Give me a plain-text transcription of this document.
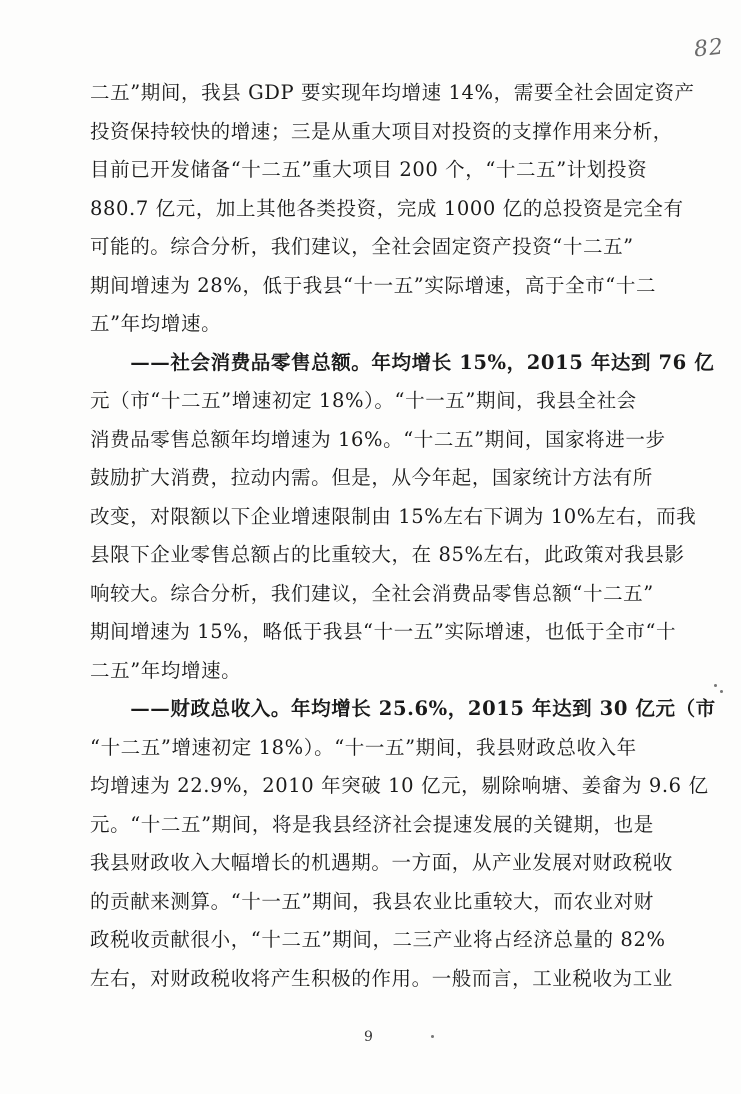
82
二五”期间，我县 GDP 要实现年均增速 14%，需要全社会固定资产
投资保持较快的增速；三是从重大项目对投资的支撑作用来分析，
目前已开发储备“十二五”重大项目 200 个，“十二五”计划投资
880.7 亿元，加上其他各类投资，完成 1000 亿的总投资是完全有
可能的。综合分析，我们建议，全社会固定资产投资“十二五”
期间增速为 28%，低于我县“十一五”实际增速，高于全市“十二
五”年均增速。
　　——社会消费品零售总额。年均增长 15%，2015 年达到 76 亿
元（市“十二五”增速初定 18%）。“十一五”期间，我县全社会
消费品零售总额年均增速为 16%。“十二五”期间，国家将进一步
鼓励扩大消费，拉动内需。但是，从今年起，国家统计方法有所
改变，对限额以下企业增速限制由 15%左右下调为 10%左右，而我
县限下企业零售总额占的比重较大，在 85%左右，此政策对我县影
响较大。综合分析，我们建议，全社会消费品零售总额“十二五”
期间增速为 15%，略低于我县“十一五”实际增速，也低于全市“十
二五”年均增速。
　　——财政总收入。年均增长 25.6%，2015 年达到 30 亿元（市
“十二五”增速初定 18%）。“十一五”期间，我县财政总收入年
均增速为 22.9%，2010 年突破 10 亿元，剔除响塘、姜畲为 9.6 亿
元。“十二五”期间，将是我县经济社会提速发展的关键期，也是
我县财政收入大幅增长的机遇期。一方面，从产业发展对财政税收
的贡献来测算。“十一五”期间，我县农业比重较大，而农业对财
政税收贡献很小，“十二五”期间，二三产业将占经济总量的 82%
左右，对财政税收将产生积极的作用。一般而言，工业税收为工业
9
